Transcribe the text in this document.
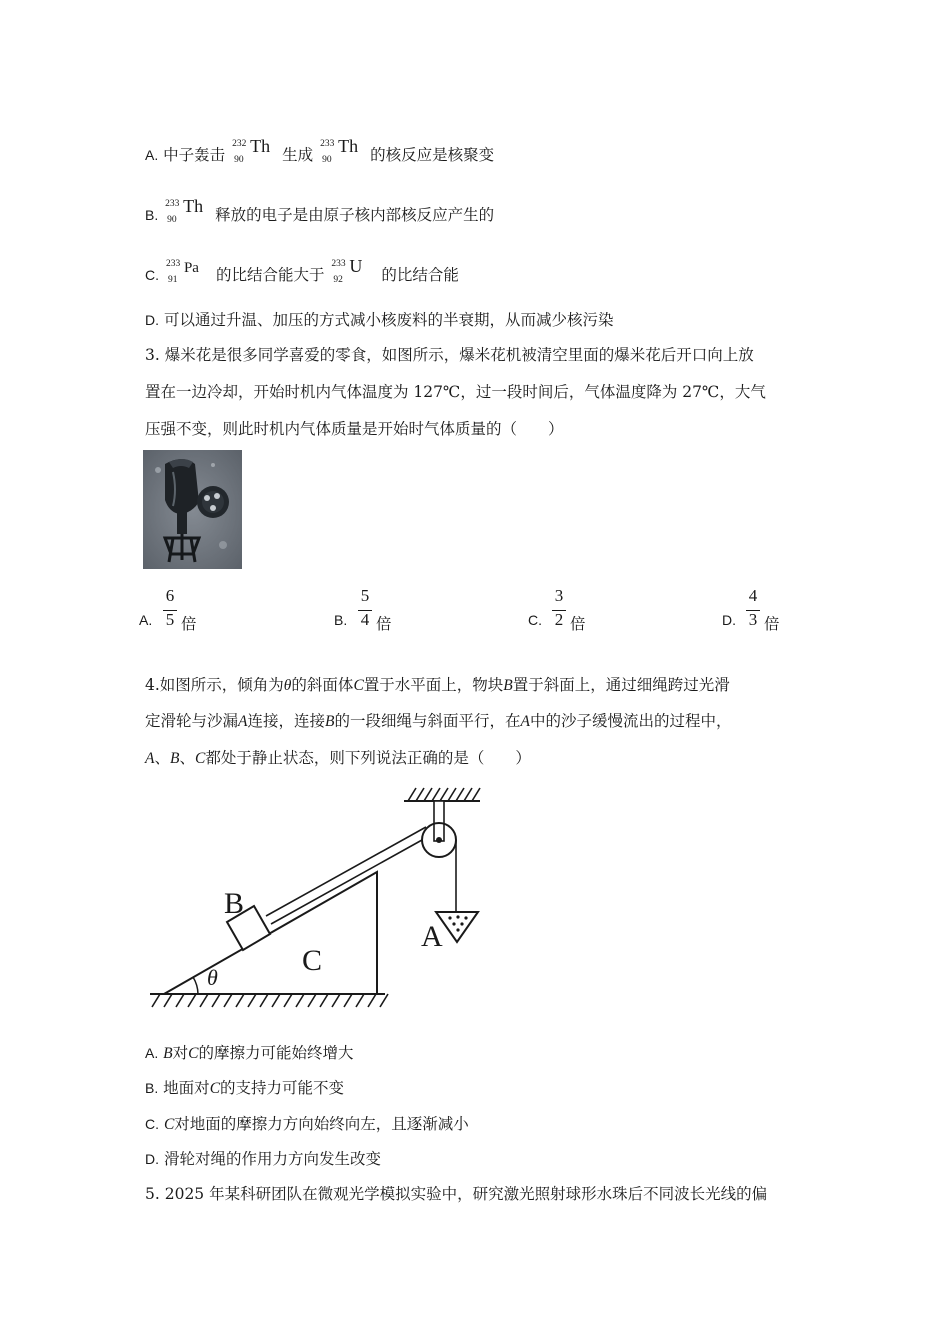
A. 中子轰击
232
90
Th 生成
233
90
Th 的核反应是核聚变
B.
233
90
Th 释放的电子是由原子核内部核反应产生的
C.
233
91
Pa 的比结合能大于
233
92
U 的比结合能
D. 可以通过升温、加压的方式减小核废料的半衰期，从而减少核污染
3. 爆米花是很多同学喜爱的零食，如图所示，爆米花机被清空里面的爆米花后开口向上放
置在一边冷却，开始时机内气体温度为 127℃，过一段时间后，气体温度降为 27℃，大气
压强不变，则此时机内气体质量是开始时气体质量的（　　）
6
5
A. 倍
5
4
B. 倍
3
2
C. 倍
4
3
D. 倍
4.如图所示，倾角为θ的斜面体C置于水平面上，物块B置于斜面上，通过细绳跨过光滑
定滑轮与沙漏A连接，连接B的一段细绳与斜面平行，在A中的沙子缓慢流出的过程中，
A、B、C都处于静止状态，则下列说法正确的是（　　）
B
C
A
θ
A. B对C的摩擦力可能始终增大
B. 地面对C的支持力可能不变
C. C对地面的摩擦力方向始终向左，且逐渐减小
D. 滑轮对绳的作用力方向发生改变
5. 2025 年某科研团队在微观光学模拟实验中，研究激光照射球形水珠后不同波长光线的偏
